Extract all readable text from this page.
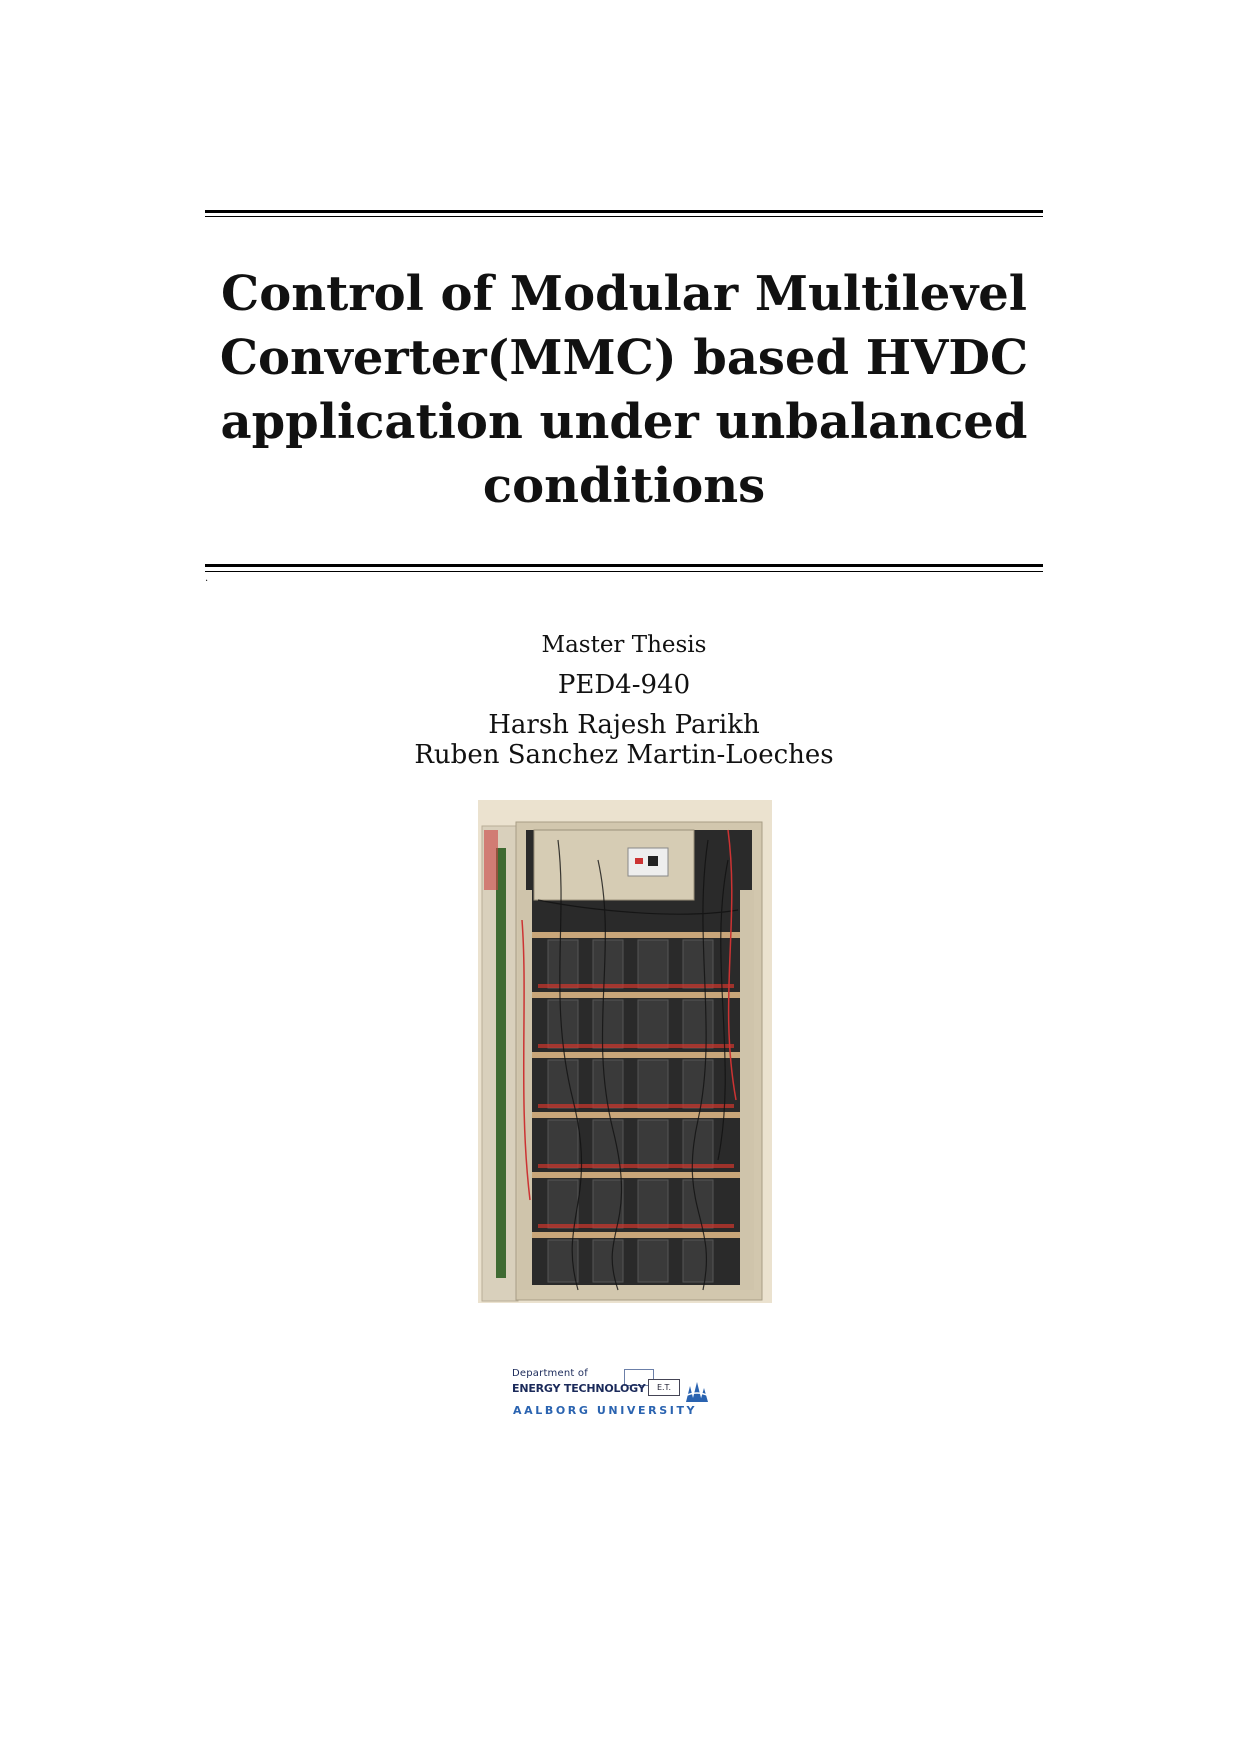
Control of Modular Multilevel
Converter(MMC) based HVDC
application under unbalanced
conditions
.
Master Thesis
PED4-940
Harsh Rajesh Parikh
Ruben Sanchez Martin-Loeches
E.T.
Department of
ENERGY TECHNOLOGY
AALBORG UNIVERSITY
